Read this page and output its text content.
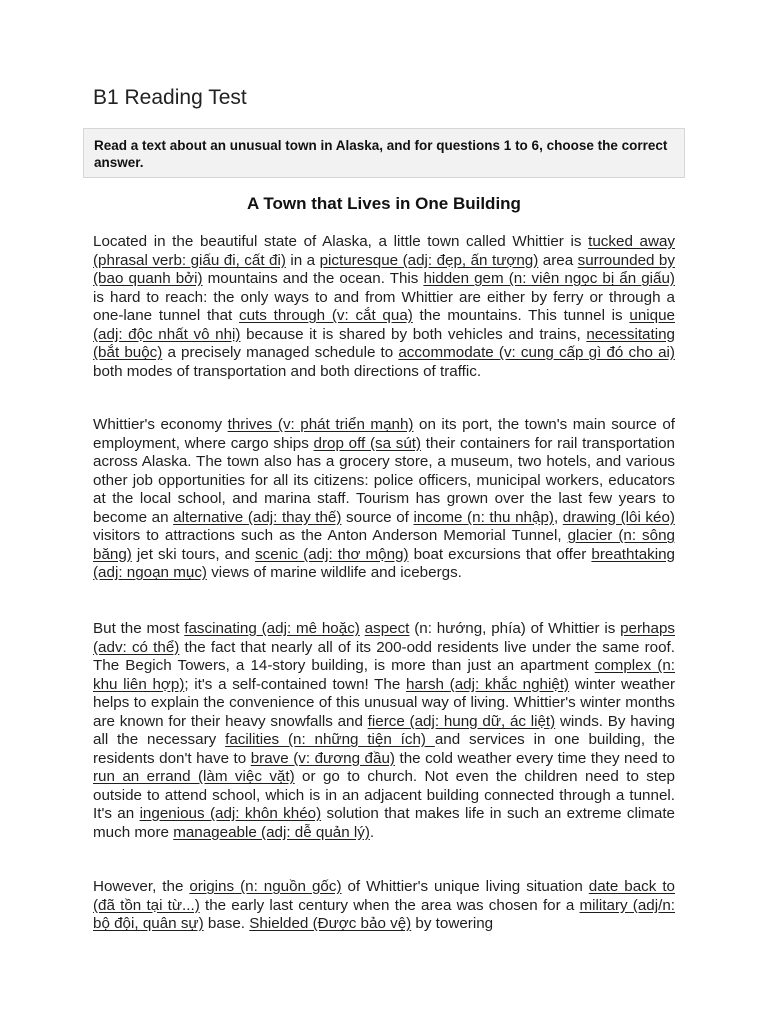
B1 Reading Test
Read a text about an unusual town in Alaska, and for questions 1 to 6, choose the correct answer.
A Town that Lives in One Building

Located in the beautiful state of Alaska, a little town called Whittier is tucked away (phrasal verb: giấu đi, cất đi) in a picturesque (adj: đẹp, ấn tượng) area surrounded by (bao quanh bởi) mountains and the ocean. This hidden gem (n: viên ngọc bị ẩn giấu) is hard to reach: the only ways to and from Whittier are either by ferry or through a one-lane tunnel that cuts through (v: cắt qua) the mountains. This tunnel is unique (adj: độc nhất vô nhị) because it is shared by both vehicles and trains, necessitating (bắt buộc) a precisely managed schedule to accommodate (v: cung cấp gì đó cho ai) both modes of transportation and both directions of traffic.

Whittier's economy thrives (v: phát triển mạnh) on its port, the town's main source of employment, where cargo ships drop off (sa sút) their containers for rail transportation across Alaska. The town also has a grocery store, a museum, two hotels, and various other job opportunities for all its citizens: police officers, municipal workers, educators at the local school, and marina staff. Tourism has grown over the last few years to become an alternative (adj: thay thế) source of income (n: thu nhập), drawing (lôi kéo) visitors to attractions such as the Anton Anderson Memorial Tunnel, glacier (n: sông băng) jet ski tours, and scenic (adj: thơ mộng) boat excursions that offer breathtaking (adj: ngoạn mục) views of marine wildlife and icebergs.

But the most fascinating (adj: mê hoặc) aspect (n: hướng, phía) of Whittier is perhaps (adv: có thể) the fact that nearly all of its 200-odd residents live under the same roof. The Begich Towers, a 14-story building, is more than just an apartment complex (n: khu liên hợp); it's a self-contained town! The harsh (adj: khắc nghiệt) winter weather helps to explain the convenience of this unusual way of living. Whittier's winter months are known for their heavy snowfalls and fierce (adj: hung dữ, ác liệt) winds. By having all the necessary facilities (n: những tiện ích) and services in one building, the residents don't have to brave (v: đương đầu) the cold weather every time they need to run an errand (làm việc vặt) or go to church. Not even the children need to step outside to attend school, which is in an adjacent building connected through a tunnel. It's an ingenious (adj: khôn khéo) solution that makes life in such an extreme climate much more manageable (adj: dễ quản lý).

However, the origins (n: nguồn gốc) of Whittier's unique living situation date back to (đã tồn tại từ...) the early last century when the area was chosen for a military (adj/n: bộ đội, quân sự) base. Shielded (Được bảo vệ) by towering
